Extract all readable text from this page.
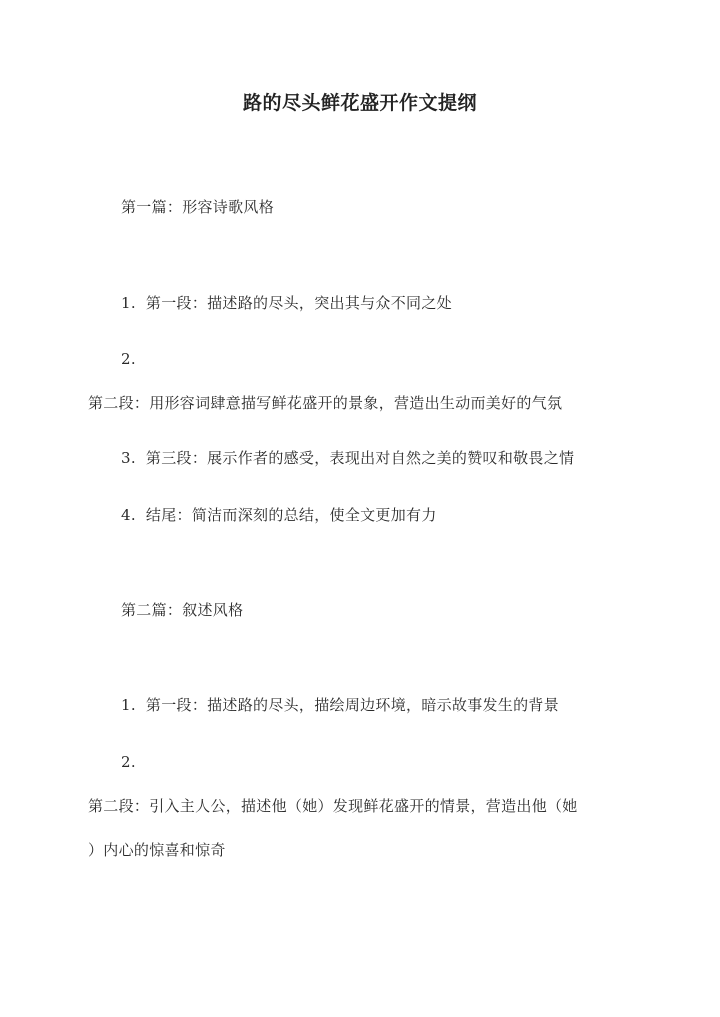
路的尽头鲜花盛开作文提纲
第一篇：形容诗歌风格
1. 第一段：描述路的尽头，突出其与众不同之处
2.
第二段：用形容词肆意描写鲜花盛开的景象，营造出生动而美好的气氛
3. 第三段：展示作者的感受，表现出对自然之美的赞叹和敬畏之情
4. 结尾：简洁而深刻的总结，使全文更加有力
第二篇：叙述风格
1. 第一段：描述路的尽头，描绘周边环境，暗示故事发生的背景
2.
第二段：引入主人公，描述他（她）发现鲜花盛开的情景，营造出他（她
）内心的惊喜和惊奇
